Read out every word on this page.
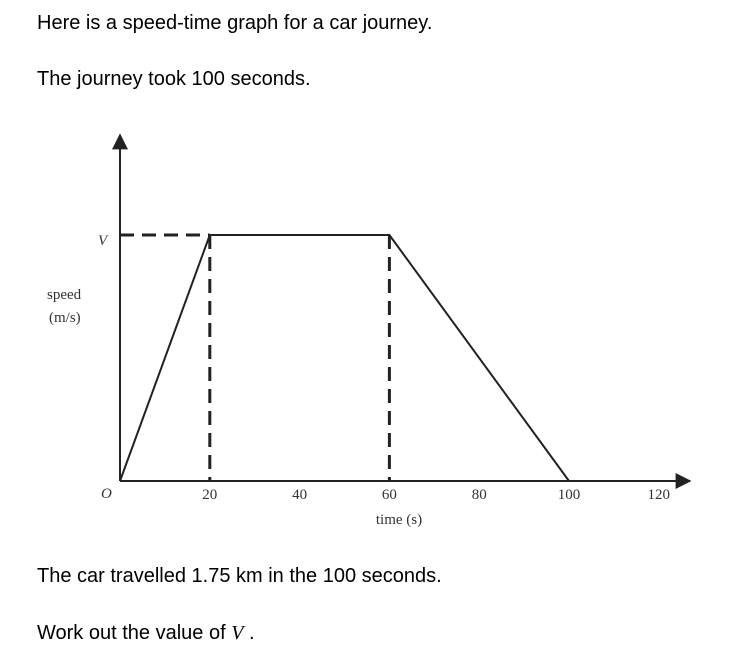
Here is a speed-time graph for a car journey.

The journey took 100 seconds.

20	40	60	80	100	120
O
V
speed
(m/s)
time (s)

The car travelled 1.75 km in the 100 seconds.

Work out the value of V .
